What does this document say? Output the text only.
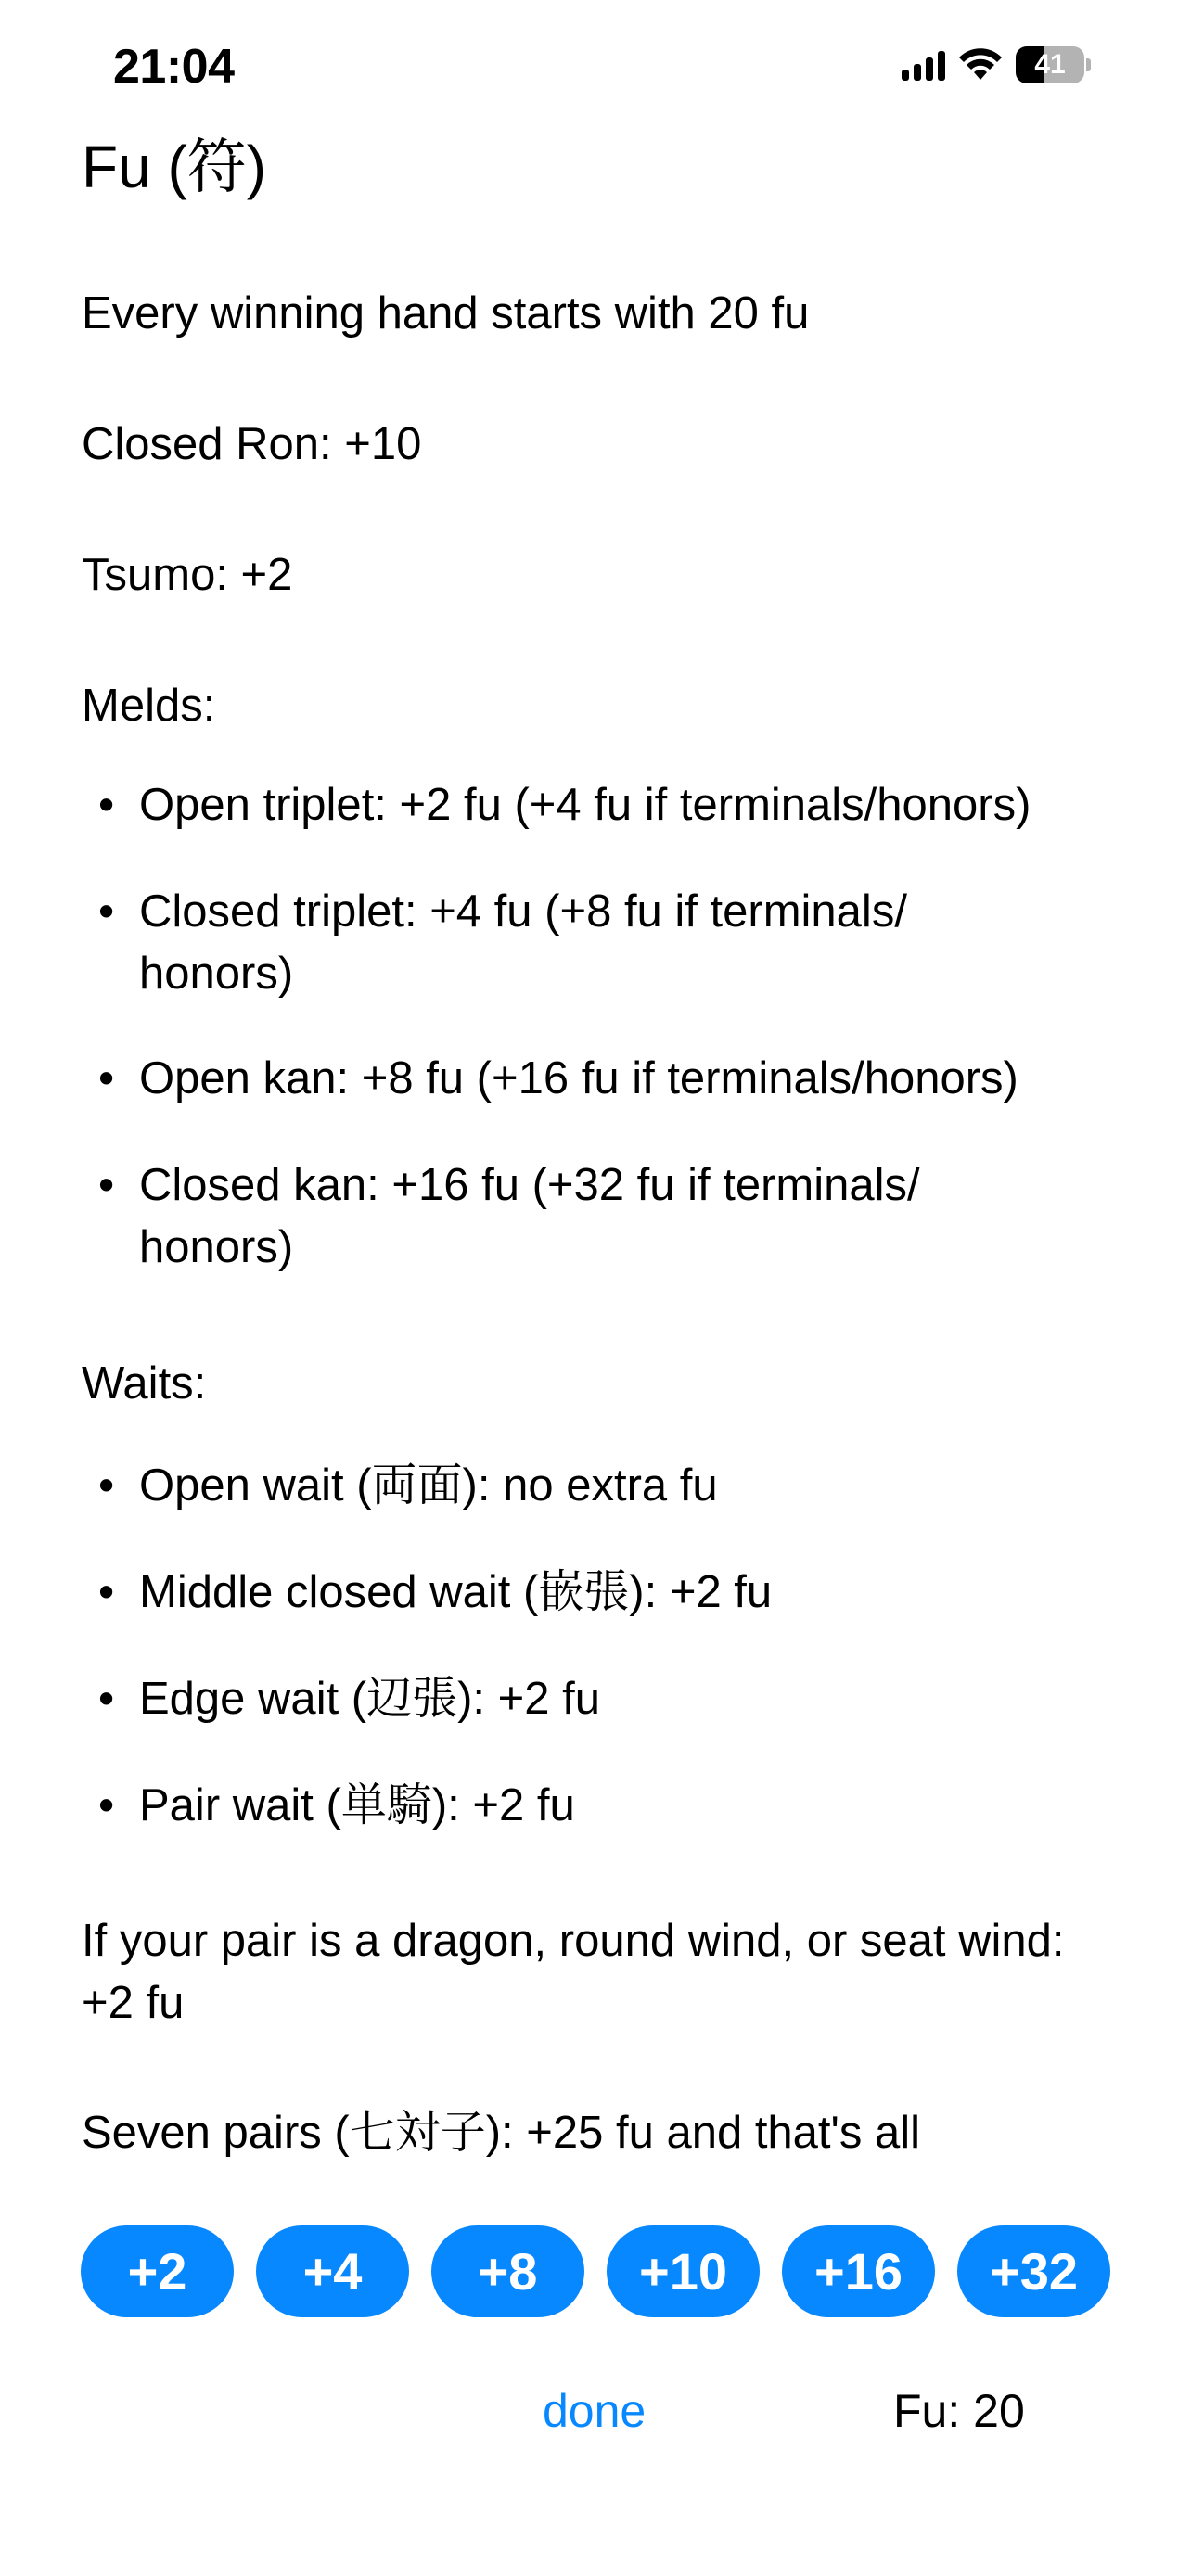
21:04	41
Fu (符)
Every winning hand starts with 20 fu
Closed Ron: +10
Tsumo: +2
Melds:
• Open triplet: +2 fu (+4 fu if terminals/honors)
• Closed triplet: +4 fu (+8 fu if terminals/ honors)
• Open kan: +8 fu (+16 fu if terminals/honors)
• Closed kan: +16 fu (+32 fu if terminals/ honors)
Waits:
• Open wait (両面): no extra fu
• Middle closed wait (嵌張): +2 fu
• Edge wait (辺張): +2 fu
• Pair wait (単騎): +2 fu
If your pair is a dragon, round wind, or seat wind: +2 fu
Seven pairs (七対子): +25 fu and that's all
+2	+4	+8	+10	+16	+32
done	Fu: 20
